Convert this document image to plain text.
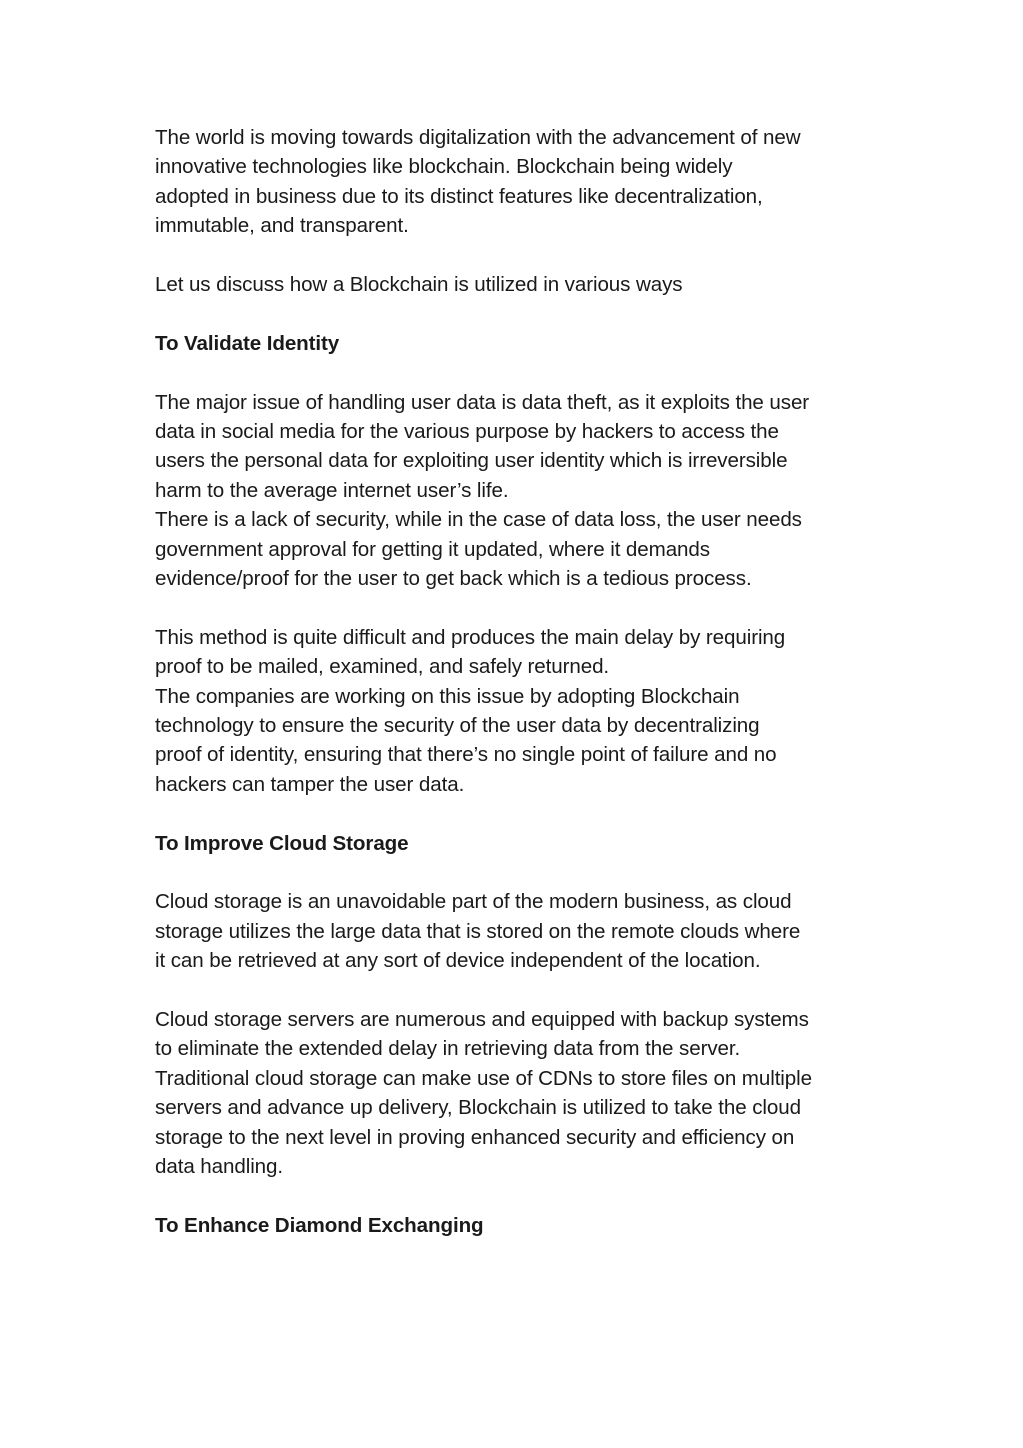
The world is moving towards digitalization with the advancement of new
innovative technologies like blockchain. Blockchain being widely
adopted in business due to its distinct features like decentralization,
immutable, and transparent.

Let us discuss how a Blockchain is utilized in various ways

To Validate Identity

The major issue of handling user data is data theft, as it exploits the user
data in social media for the various purpose by hackers to access the
users the personal data for exploiting user identity which is irreversible
harm to the average internet user’s life.

There is a lack of security, while in the case of data loss, the user needs
government approval for getting it updated, where it demands
evidence/proof for the user to get back which is a tedious process.

This method is quite difficult and produces the main delay by requiring
proof to be mailed, examined, and safely returned.

The companies are working on this issue by adopting Blockchain
technology to ensure the security of the user data by decentralizing
proof of identity, ensuring that there’s no single point of failure and no
hackers can tamper the user data.

To Improve Cloud Storage

Cloud storage is an unavoidable part of the modern business, as cloud
storage utilizes the large data that is stored on the remote clouds where
it can be retrieved at any sort of device independent of the location.

Cloud storage servers are numerous and equipped with backup systems
to eliminate the extended delay in retrieving data from the server.
Traditional cloud storage can make use of CDNs to store files on multiple
servers and advance up delivery, Blockchain is utilized to take the cloud
storage to the next level in proving enhanced security and efficiency on
data handling.

To Enhance Diamond Exchanging
